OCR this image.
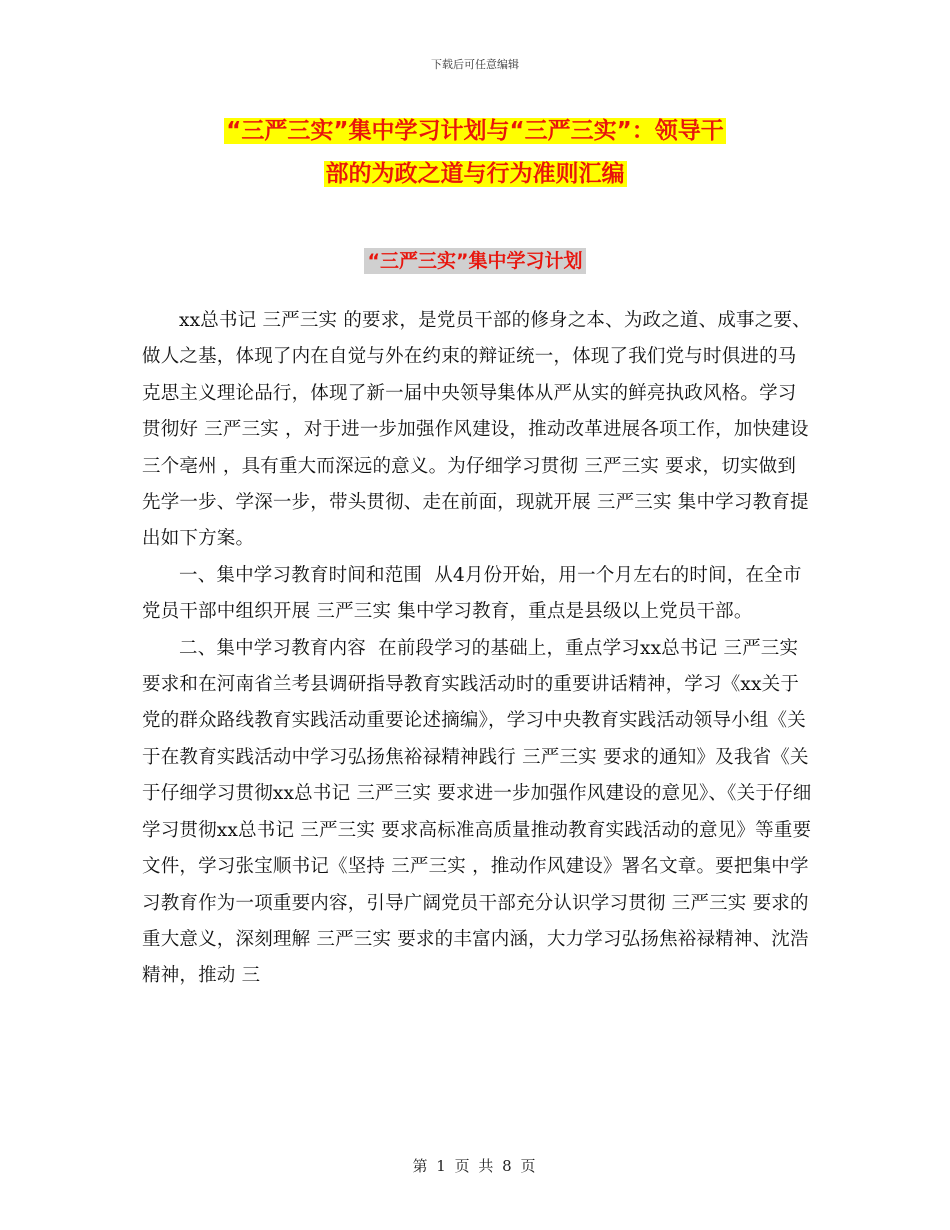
下载后可任意编辑
“三严三实”集中学习计划与“三严三实”：领导干
部的为政之道与行为准则汇编
“三严三实”集中学习计划

xx总书记 三严三实 的要求，是党员干部的修身之本、为政之道、成事之要、做人之基，体现了内在自觉与外在约束的辩证统一，体现了我们党与时俱进的马克思主义理论品行，体现了新一届中央领导集体从严从实的鲜亮执政风格。学习贯彻好 三严三实 ，对于进一步加强作风建设，推动改革进展各项工作，加快建设 三个亳州 ，具有重大而深远的意义。为仔细学习贯彻 三严三实 要求，切实做到先学一步、学深一步，带头贯彻、走在前面，现就开展 三严三实 集中学习教育提出如下方案。

一、集中学习教育时间和范围  从4月份开始，用一个月左右的时间，在全市党员干部中组织开展 三严三实 集中学习教育，重点是县级以上党员干部。

二、集中学习教育内容  在前段学习的基础上，重点学习xx总书记 三严三实 要求和在河南省兰考县调研指导教育实践活动时的重要讲话精神，学习《xx关于党的群众路线教育实践活动重要论述摘编》，学习中央教育实践活动领导小组《关于在教育实践活动中学习弘扬焦裕禄精神践行 三严三实 要求的通知》及我省《关于仔细学习贯彻xx总书记 三严三实 要求进一步加强作风建设的意见》、《关于仔细学习贯彻xx总书记 三严三实 要求高标准高质量推动教育实践活动的意见》等重要文件，学习张宝顺书记《坚持 三严三实 ，推动作风建设》署名文章。要把集中学习教育作为一项重要内容，引导广阔党员干部充分认识学习贯彻 三严三实 要求的重大意义，深刻理解 三严三实 要求的丰富内涵，大力学习弘扬焦裕禄精神、沈浩精神，推动 三

第 1 页 共 8 页
